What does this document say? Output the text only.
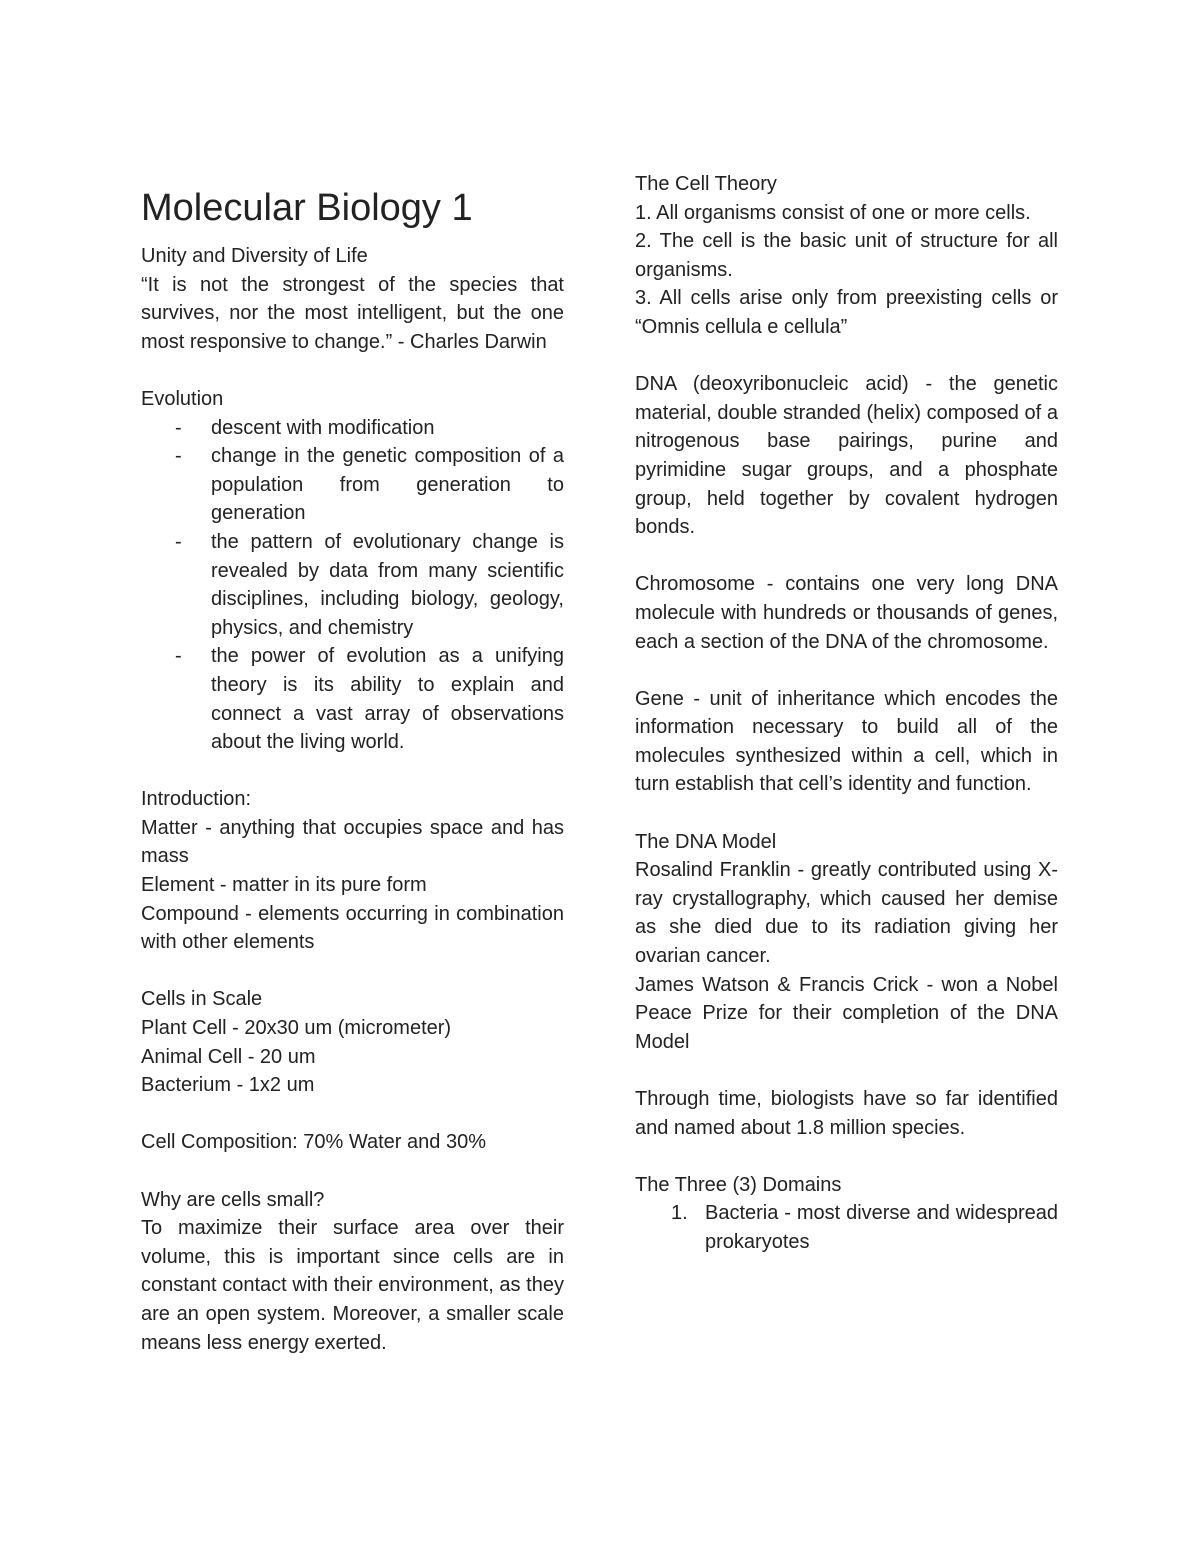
Molecular Biology 1

Unity and Diversity of Life

“It is not the strongest of the species that survives, nor the most intelligent, but the one most responsive to change.” - Charles Darwin

Evolution

- descent with modification
- change in the genetic composition of a population from generation to generation
- the pattern of evolutionary change is revealed by data from many scientific disciplines, including biology, geology, physics, and chemistry
- the power of evolution as a unifying theory is its ability to explain and connect a vast array of observations about the living world.

Introduction:

Matter - anything that occupies space and has mass

Element - matter in its pure form

Compound - elements occurring in combination with other elements

Cells in Scale

Plant Cell - 20x30 um (micrometer)

Animal Cell - 20 um

Bacterium - 1x2 um

Cell Composition: 70% Water and 30%

Why are cells small?

To maximize their surface area over their volume, this is important since cells are in constant contact with their environment, as they are an open system. Moreover, a smaller scale means less energy exerted.

The Cell Theory

1. All organisms consist of one or more cells.

2. The cell is the basic unit of structure for all organisms.

3. All cells arise only from preexisting cells or “Omnis cellula e cellula”

DNA (deoxyribonucleic acid) - the genetic material, double stranded (helix) composed of a nitrogenous base pairings, purine and pyrimidine sugar groups, and a phosphate group, held together by covalent hydrogen bonds.

Chromosome - contains one very long DNA molecule with hundreds or thousands of genes, each a section of the DNA of the chromosome.

Gene - unit of inheritance which encodes the information necessary to build all of the molecules synthesized within a cell, which in turn establish that cell’s identity and function.

The DNA Model

Rosalind Franklin - greatly contributed using X-ray crystallography, which caused her demise as she died due to its radiation giving her ovarian cancer.

James Watson & Francis Crick - won a Nobel Peace Prize for their completion of the DNA Model

Through time, biologists have so far identified and named about 1.8 million species.

The Three (3) Domains

1. Bacteria - most diverse and widespread prokaryotes
